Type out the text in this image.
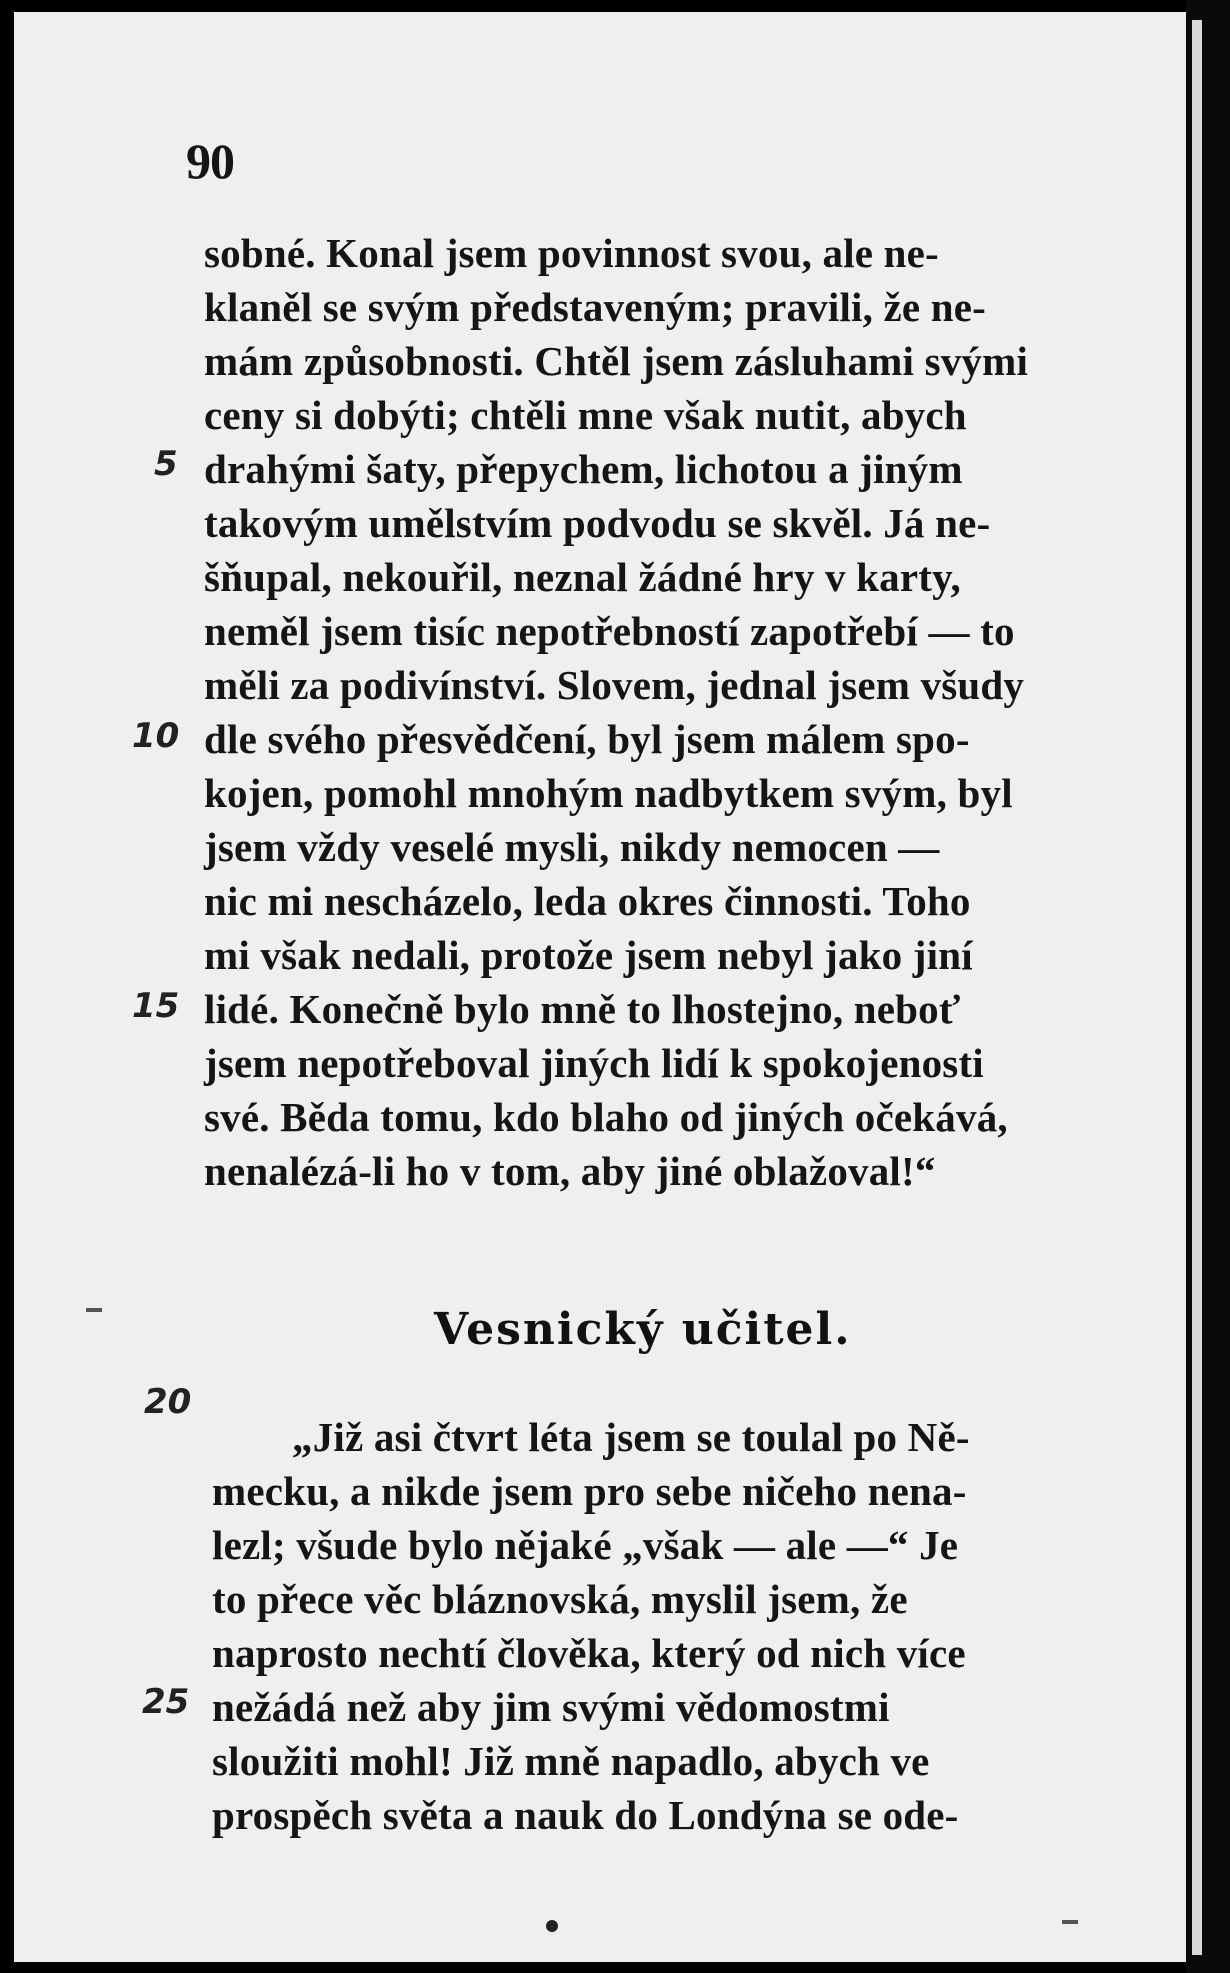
90
sobné. Konal jsem povinnost svou, ale ne-
klaněl se svým představeným; pravili, že ne-
mám způsobnosti. Chtěl jsem zásluhami svými
ceny si dobýti; chtěli mne však nutit, abych
drahými šaty, přepychem, lichotou a jiným
takovým umělstvím podvodu se skvěl. Já ne-
šňupal, nekouřil, neznal žádné hry v karty,
neměl jsem tisíc nepotřebností zapotřebí — to
měli za podivínství. Slovem, jednal jsem všudy
dle svého přesvědčení, byl jsem málem spo-
kojen, pomohl mnohým nadbytkem svým, byl
jsem vždy veselé mysli, nikdy nemocen —
nic mi nescházelo, leda okres činnosti. Toho
mi však nedali, protože jsem nebyl jako jiní
lidé. Konečně bylo mně to lhostejno, neboť
jsem nepotřeboval jiných lidí k spokojenosti
své. Běda tomu, kdo blaho od jiných očekává,
nenalézá-li ho v tom, aby jiné oblažoval!“
Vesnický učitel.
„Již asi čtvrt léta jsem se toulal po Ně-
mecku, a nikde jsem pro sebe ničeho nena-
lezl; všude bylo nějaké „však — ale —“ Je
to přece věc bláznovská, myslil jsem, že
naprosto nechtí člověka, který od nich více
nežádá než aby jim svými vědomostmi
sloužiti mohl! Již mně napadlo, abych ve
prospěch světa a nauk do Londýna se ode-
5
10
15
20
25
